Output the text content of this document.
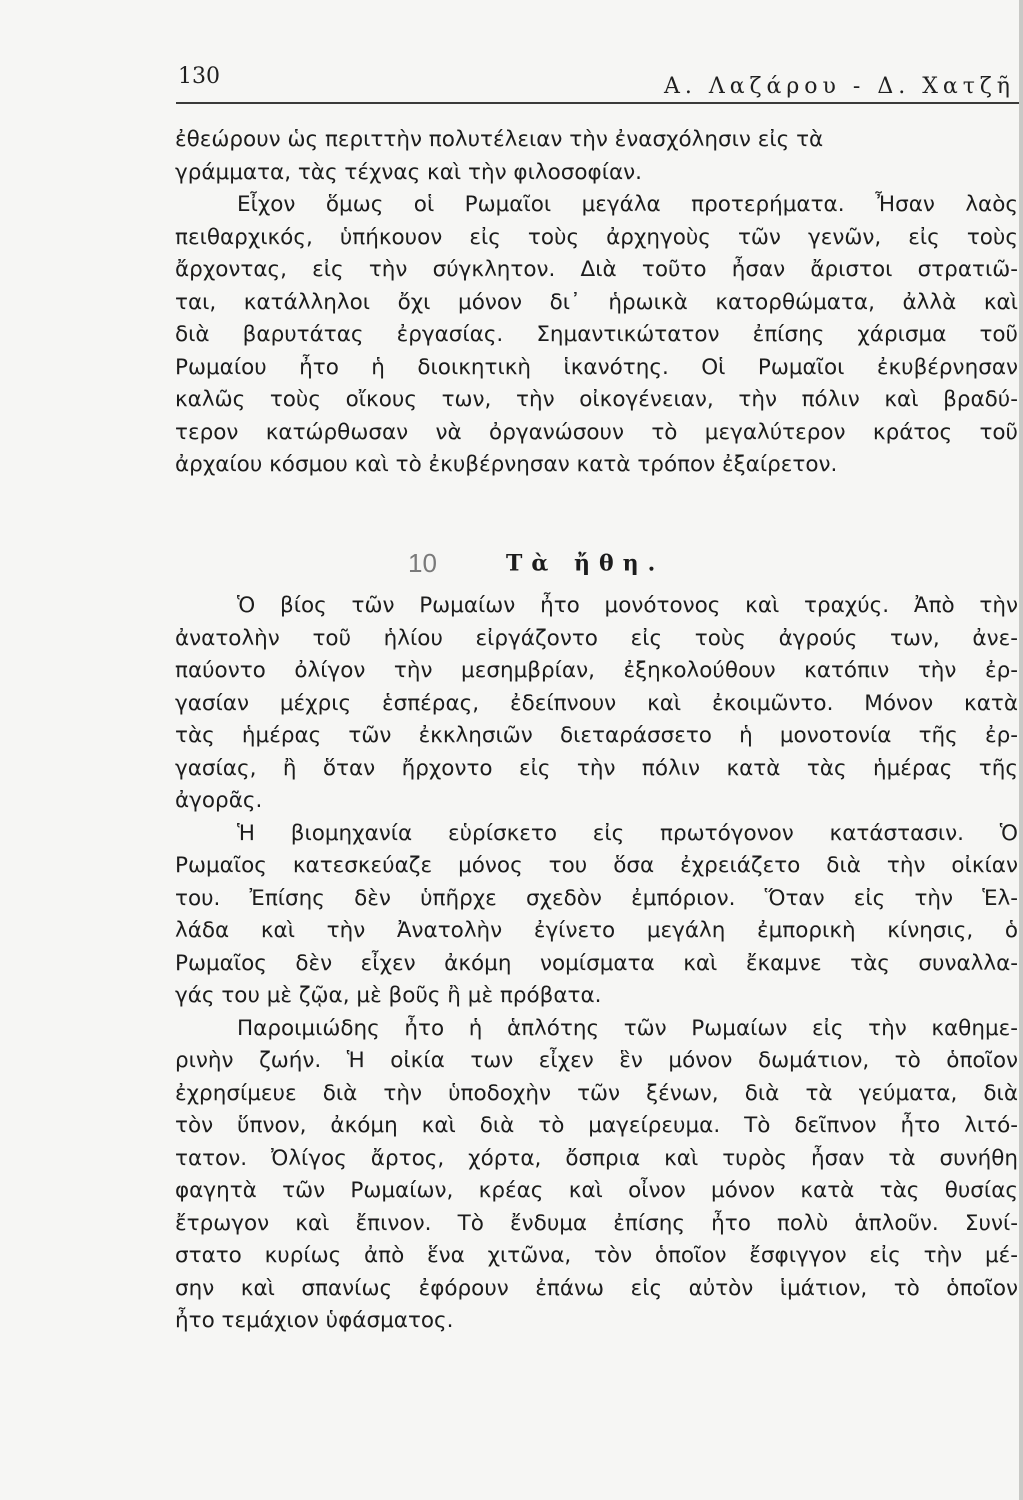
130	Α. Λαζάρου - Δ. Χατζῆ
ἐθεώρουν ὡς περιττὴν πολυτέλειαν τὴν ἐνασχόλησιν εἰς τὰ
γράμματα, τὰς τέχνας καὶ τὴν φιλοσοφίαν.
Εἶχον ὅμως οἱ Ρωμαῖοι μεγάλα προτερήματα. Ἦσαν λαὸς
πειθαρχικός, ὑπήκουον εἰς τοὺς ἀρχηγοὺς τῶν γενῶν, εἰς τοὺς
ἄρχοντας, εἰς τὴν σύγκλητον. Διὰ τοῦτο ἦσαν ἄριστοι στρατιῶ-
ται, κατάλληλοι ὄχι μόνον δι᾽ ἡρωικὰ κατορθώματα, ἀλλὰ καὶ
διὰ βαρυτάτας ἐργασίας. Σημαντικώτατον ἐπίσης χάρισμα τοῦ
Ρωμαίου ἦτο ἡ διοικητικὴ ἱκανότης. Οἱ Ρωμαῖοι ἐκυβέρνησαν
καλῶς τοὺς οἴκους των, τὴν οἰκογένειαν, τὴν πόλιν καὶ βραδύ-
τερον κατώρθωσαν νὰ ὀργανώσουν τὸ μεγαλύτερον κράτος τοῦ
ἀρχαίου κόσμου καὶ τὸ ἐκυβέρνησαν κατὰ τρόπον ἐξαίρετον.
10	Τὰ ἤθη.
Ὁ βίος τῶν Ρωμαίων ἦτο μονότονος καὶ τραχύς. Ἀπὸ τὴν
ἀνατολὴν τοῦ ἡλίου εἰργάζοντο εἰς τοὺς ἀγρούς των, ἀνε-
παύοντο ὀλίγον τὴν μεσημβρίαν, ἐξηκολούθουν κατόπιν τὴν ἐρ-
γασίαν μέχρις ἑσπέρας, ἐδείπνουν καὶ ἐκοιμῶντο. Μόνον κατὰ
τὰς ἡμέρας τῶν ἐκκλησιῶν διεταράσσετο ἡ μονοτονία τῆς ἐρ-
γασίας, ἢ ὅταν ἤρχοντο εἰς τὴν πόλιν κατὰ τὰς ἡμέρας τῆς
ἀγορᾶς.
Ἡ βιομηχανία εὑρίσκετο εἰς πρωτόγονον κατάστασιν. Ὁ
Ρωμαῖος κατεσκεύαζε μόνος του ὅσα ἐχρειάζετο διὰ τὴν οἰκίαν
του. Ἐπίσης δὲν ὑπῆρχε σχεδὸν ἐμπόριον. Ὅταν εἰς τὴν Ἑλ-
λάδα καὶ τὴν Ἀνατολὴν ἐγίνετο μεγάλη ἐμπορικὴ κίνησις, ὁ
Ρωμαῖος δὲν εἶχεν ἀκόμη νομίσματα καὶ ἔκαμνε τὰς συναλλα-
γάς του μὲ ζῷα, μὲ βοῦς ἢ μὲ πρόβατα.
Παροιμιώδης ἦτο ἡ ἁπλότης τῶν Ρωμαίων εἰς τὴν καθημε-
ρινὴν ζωήν. Ἡ οἰκία των εἶχεν ἓν μόνον δωμάτιον, τὸ ὁποῖον
ἐχρησίμευε διὰ τὴν ὑποδοχὴν τῶν ξένων, διὰ τὰ γεύματα, διὰ
τὸν ὕπνον, ἀκόμη καὶ διὰ τὸ μαγείρευμα. Τὸ δεῖπνον ἦτο λιτό-
τατον. Ὀλίγος ἄρτος, χόρτα, ὄσπρια καὶ τυρὸς ἦσαν τὰ συνήθη
φαγητὰ τῶν Ρωμαίων, κρέας καὶ οἶνον μόνον κατὰ τὰς θυσίας
ἔτρωγον καὶ ἔπινον. Τὸ ἔνδυμα ἐπίσης ἦτο πολὺ ἁπλοῦν. Συνί-
στατο κυρίως ἀπὸ ἕνα χιτῶνα, τὸν ὁποῖον ἔσφιγγον εἰς τὴν μέ-
σην καὶ σπανίως ἐφόρουν ἐπάνω εἰς αὐτὸν ἱμάτιον, τὸ ὁποῖον
ἦτο τεμάχιον ὑφάσματος.
